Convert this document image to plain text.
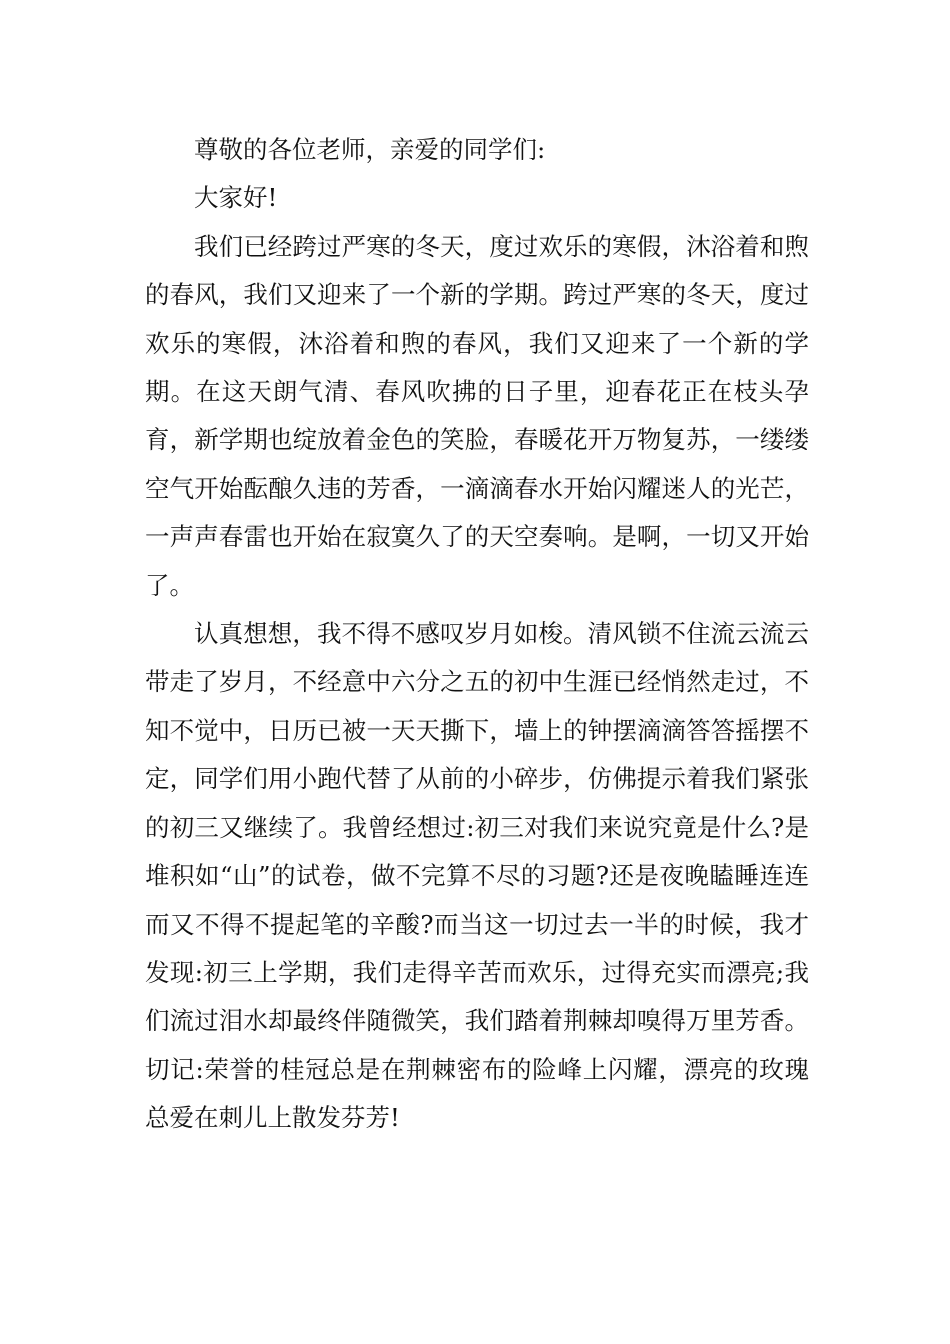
尊敬的各位老师，亲爱的同学们:

大家好!

我们已经跨过严寒的冬天，度过欢乐的寒假，沐浴着和煦的春风，我们又迎来了一个新的学期。跨过严寒的冬天，度过欢乐的寒假，沐浴着和煦的春风，我们又迎来了一个新的学期。在这天朗气清、春风吹拂的日子里，迎春花正在枝头孕育，新学期也绽放着金色的笑脸，春暖花开万物复苏，一缕缕空气开始酝酿久违的芳香，一滴滴春水开始闪耀迷人的光芒，一声声春雷也开始在寂寞久了的天空奏响。是啊，一切又开始了。

认真想想，我不得不感叹岁月如梭。清风锁不住流云流云带走了岁月，不经意中六分之五的初中生涯已经悄然走过，不知不觉中，日历已被一天天撕下，墙上的钟摆滴滴答答摇摆不定，同学们用小跑代替了从前的小碎步，仿佛提示着我们紧张的初三又继续了。我曾经想过:初三对我们来说究竟是什么?是堆积如“山”的试卷，做不完算不尽的习题?还是夜晚瞌睡连连而又不得不提起笔的辛酸?而当这一切过去一半的时候，我才发现:初三上学期，我们走得辛苦而欢乐，过得充实而漂亮;我们流过泪水却最终伴随微笑，我们踏着荆棘却嗅得万里芳香。切记:荣誉的桂冠总是在荆棘密布的险峰上闪耀，漂亮的玫瑰总爱在刺儿上散发芬芳!
